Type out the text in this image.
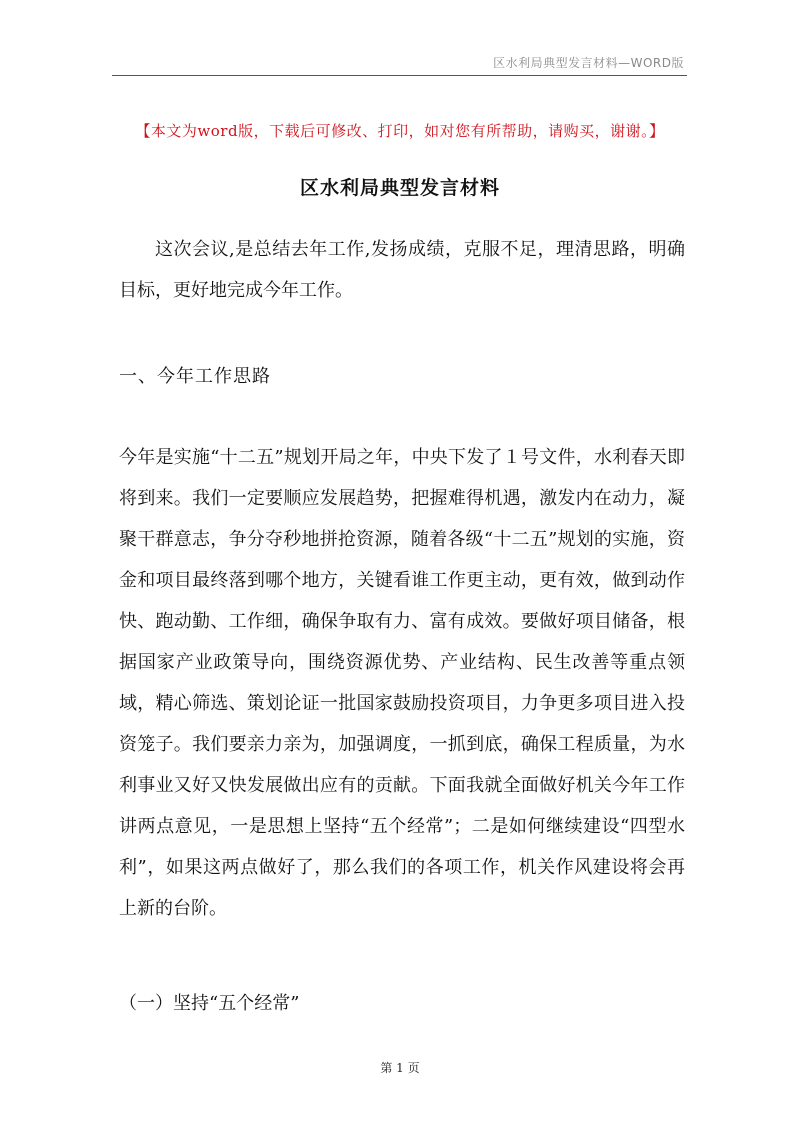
区水利局典型发言材料—WORD版
【本文为word版，下载后可修改、打印，如对您有所帮助，请购买，谢谢。】
区水利局典型发言材料
这次会议,是总结去年工作,发扬成绩，克服不足，理清思路，明确目标，更好地完成今年工作。
一、今年工作思路
今年是实施“十二五”规划开局之年，中央下发了１号文件，水利春天即将到来。我们一定要顺应发展趋势，把握难得机遇，激发内在动力，凝聚干群意志，争分夺秒地拼抢资源，随着各级“十二五”规划的实施，资金和项目最终落到哪个地方，关键看谁工作更主动，更有效，做到动作快、跑动勤、工作细，确保争取有力、富有成效。要做好项目储备，根据国家产业政策导向，围绕资源优势、产业结构、民生改善等重点领域，精心筛选、策划论证一批国家鼓励投资项目，力争更多项目进入投资笼子。我们要亲力亲为，加强调度，一抓到底，确保工程质量，为水利事业又好又快发展做出应有的贡献。下面我就全面做好机关今年工作讲两点意见，一是思想上坚持“五个经常”；二是如何继续建设“四型水利”，如果这两点做好了，那么我们的各项工作，机关作风建设将会再上新的台阶。
（一）坚持“五个经常”
第 1 页
